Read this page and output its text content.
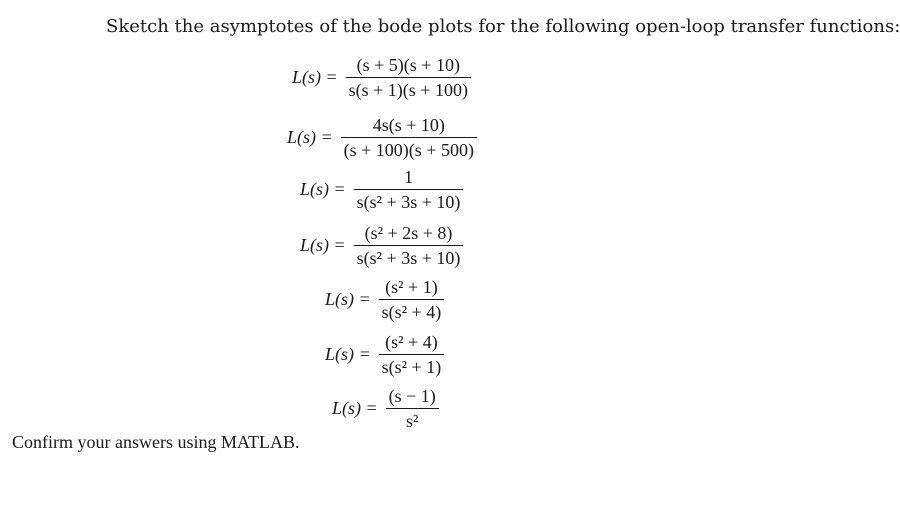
Sketch the asymptotes of the bode plots for the following open-loop transfer functions:
$L(s) = \frac{(s + 5)(s + 10)}{s(s + 1)(s + 100)}$
$L(s) = \frac{4s(s + 10)}{(s + 100)(s + 500)}$
$L(s) = \frac{1}{\text{s(s² + 3s + 10)}}$
$L(s) = \frac{\text{(s² + 2s + 8)}}{\text{s(s² + 3s + 10)}}$
$L(s) = \frac{\text{(s² + 1)}}{\text{s(s² + 4)}}$
$L(s) = \frac{\text{(s² + 4)}}{\text{s(s² + 1)}}$
$L(s) = \frac{(s - 1)}{\text{s²}}$
Confirm your answers using MATLAB.
